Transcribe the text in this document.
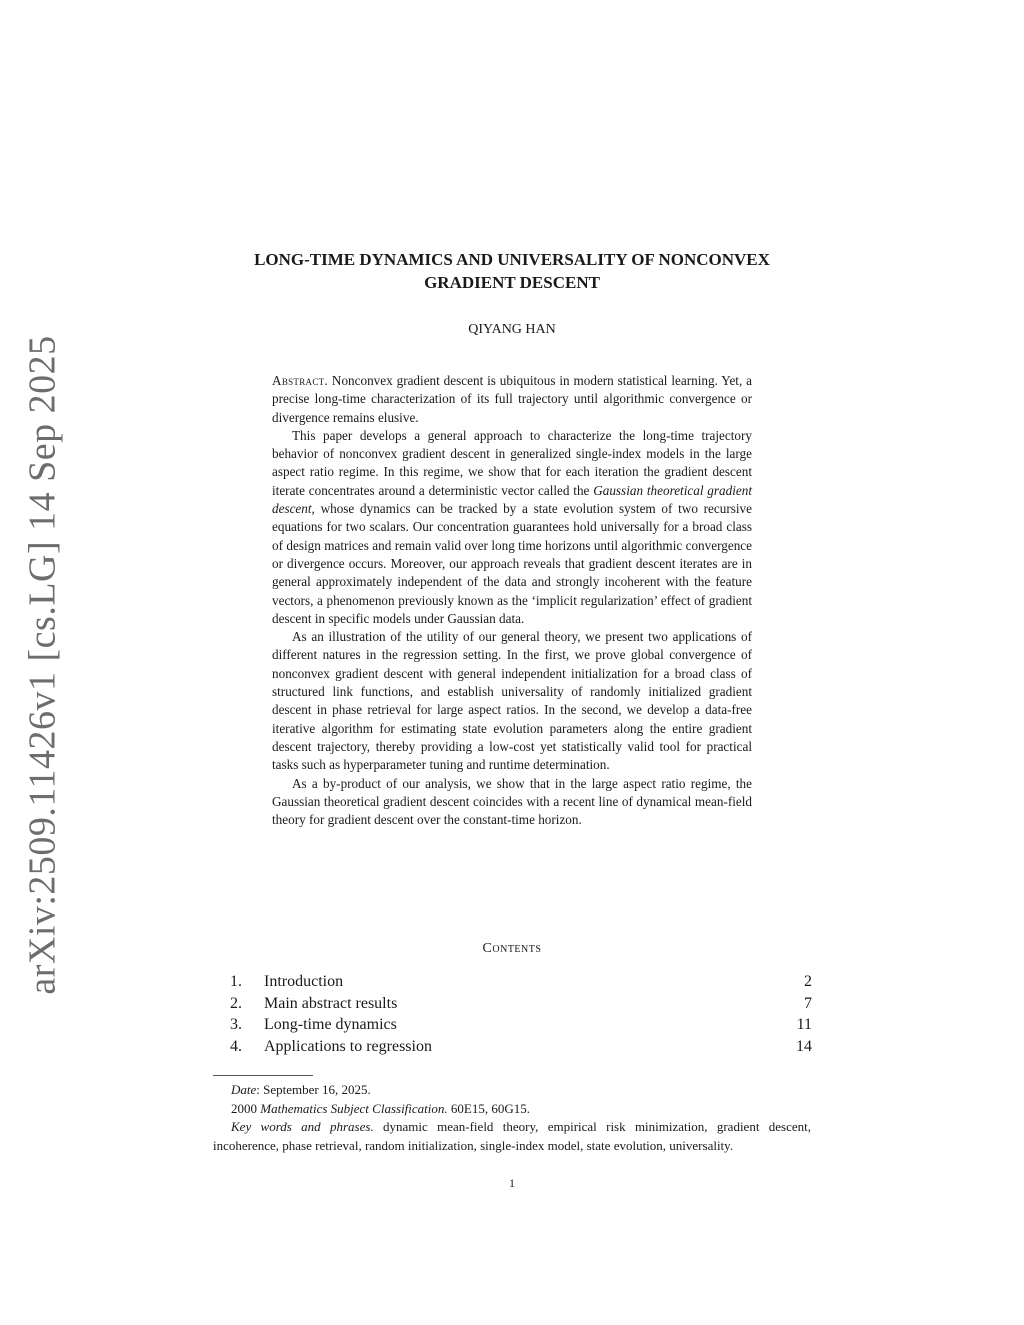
arXiv:2509.11426v1 [cs.LG] 14 Sep 2025
LONG-TIME DYNAMICS AND UNIVERSALITY OF NONCONVEX
GRADIENT DESCENT
QIYANG HAN

Abstract. Nonconvex gradient descent is ubiquitous in modern statistical learning. Yet, a precise long-time characterization of its full trajectory until algorithmic convergence or divergence remains elusive.

This paper develops a general approach to characterize the long-time trajectory behavior of nonconvex gradient descent in generalized single-index models in the large aspect ratio regime. In this regime, we show that for each iteration the gradient descent iterate concentrates around a deterministic vector called the Gaussian theoretical gradient descent, whose dynamics can be tracked by a state evolution system of two recursive equations for two scalars. Our concentration guarantees hold universally for a broad class of design matrices and remain valid over long time horizons until algorithmic convergence or divergence occurs. Moreover, our approach reveals that gradient descent iterates are in general approximately independent of the data and strongly incoherent with the feature vectors, a phenomenon previously known as the ‘implicit regularization’ effect of gradient descent in specific models under Gaussian data.

As an illustration of the utility of our general theory, we present two applications of different natures in the regression setting. In the first, we prove global convergence of nonconvex gradient descent with general independent initialization for a broad class of structured link functions, and establish universality of randomly initialized gradient descent in phase retrieval for large aspect ratios. In the second, we develop a data-free iterative algorithm for estimating state evolution parameters along the entire gradient descent trajectory, thereby providing a low-cost yet statistically valid tool for practical tasks such as hyperparameter tuning and runtime determination.

As a by-product of our analysis, we show that in the large aspect ratio regime, the Gaussian theoretical gradient descent coincides with a recent line of dynamical mean-field theory for gradient descent over the constant-time horizon.

Contents
1.	Introduction	2
2.	Main abstract results	7
3.	Long-time dynamics	11
4.	Applications to regression	14

Date: September 16, 2025.

2000 Mathematics Subject Classification. 60E15, 60G15.

Key words and phrases. dynamic mean-field theory, empirical risk minimization, gradient descent, incoherence, phase retrieval, random initialization, single-index model, state evolution, universality.

1
